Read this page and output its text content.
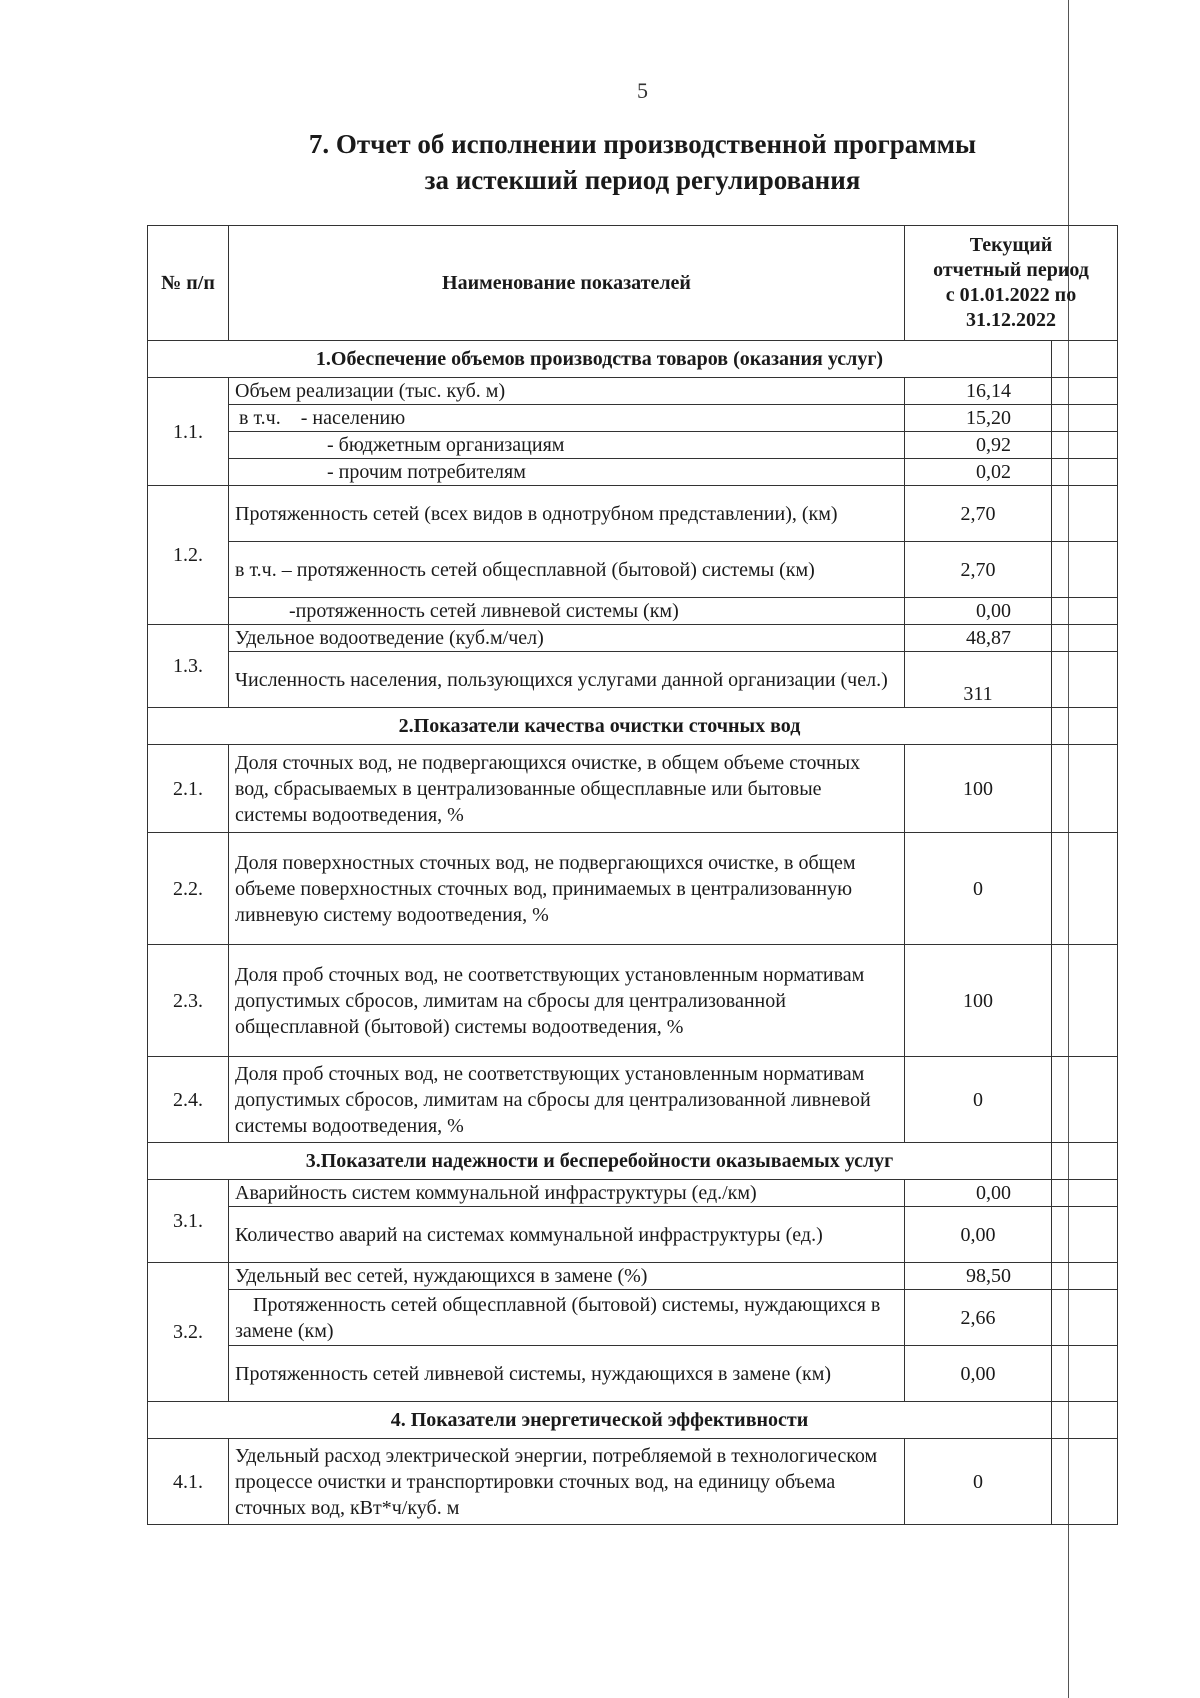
5
7. Отчет об исполнении производственной программы
за истекший период регулирования
№ п/п	Наименование показателей	Текущий
отчетный период
с 01.01.2022 по
31.12.2022	

1.Обеспечение объемов производства товаров (оказания услуг)			
1.1.	Объем реализации (тыс. куб. м)	16,14	
	в т.ч.    - населению	15,20	
	- бюджетным организациям	0,92	
	- прочим потребителям	0,02	
1.2.	Протяженность сетей (всех видов в однотрубном представлении), (км)	2,70	
	в т.ч. – протяженность сетей общесплавной (бытовой) системы (км)	2,70	
	-протяженность сетей ливневой системы (км)	0,00	
1.3.	Удельное водоотведение (куб.м/чел)	48,87	
	Численность населения, пользующихся услугами данной организации (чел.)	311	
2.Показатели качества очистки сточных вод			
2.1.	Доля сточных вод, не подвергающихся очистке, в общем объеме сточных вод, сбрасываемых в централизованные общесплавные или бытовые системы водоотведения, %	100	
2.2.	Доля поверхностных сточных вод, не подвергающихся очистке, в общем объеме поверхностных сточных вод, принимаемых в централизованную ливневую систему водоотведения, %	0	
2.3.	Доля проб сточных вод, не соответствующих установленным нормативам допустимых сбросов, лимитам на сбросы для централизованной общесплавной (бытовой) системы водоотведения, %	100	
2.4.	Доля проб сточных вод, не соответствующих установленным нормативам допустимых сбросов, лимитам на сбросы для централизованной ливневой системы водоотведения, %	0	
3.Показатели надежности и бесперебойности оказываемых услуг			
3.1.	Аварийность систем коммунальной инфраструктуры (ед./км)	0,00	
	Количество аварий на системах коммунальной инфраструктуры (ед.)	0,00	
3.2.	Удельный вес сетей, нуждающихся в замене (%)	98,50	
	Протяженность сетей общесплавной (бытовой) системы, нуждающихся в замене (км)	2,66	
	Протяженность сетей ливневой системы, нуждающихся в замене (км)	0,00	
4. Показатели энергетической эффективности			
4.1.	Удельный расход электрической энергии, потребляемой в технологическом процессе очистки и транспортировки сточных вод, на единицу объема сточных вод, кВт*ч/куб. м	0	
